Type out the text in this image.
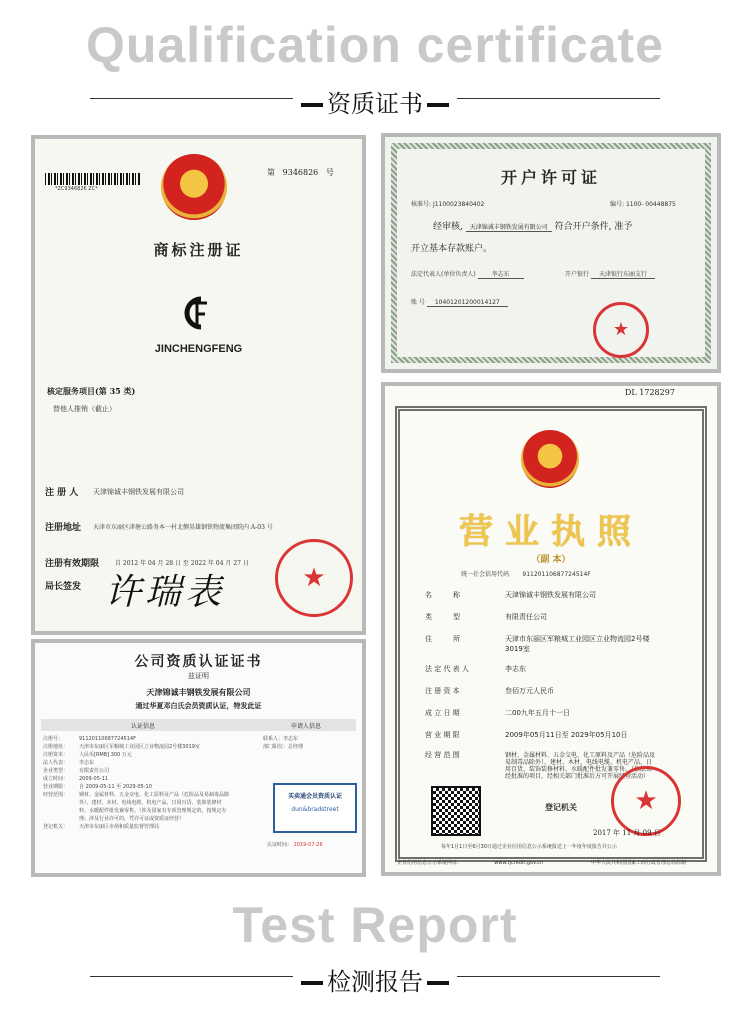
Qualification certificate
资质证书
*ZC9346826 ZC*
第 9346826 号
商标注册证
JINCHENGFENG
核定服务项目(第 35 类)
替他人推销（截止）
注 册 人 天津锦诚丰钢铁发展有限公司
注册地址 天津市东丽区津塘公路务本一村北侧昊雄钢铁物流集团院内 A-03 号
注册有效期限	自 2012 年 04 月 28 日 至 2022 年 04 月 27 日
局长签发 许瑞表	★
开户许可证
核准号: J1100023840402	编号: 1100- 00448875
经审核, 天津锦诚丰钢铁发展有限公司 符合开户条件, 准予
开立基本存款账户。
法定代表人(单位负责人)	李志东	开户银行 天津银行东丽支行
账 号 10401201200014127
★
DL 1728297
营业执照
（副 本）
统一社会信用代码 91120110687724514F
名　　　称	天津锦诚丰钢铁发展有限公司
类　　　型	有限责任公司
住　　　所	天津市东丽区军粮城工业园区立业物流园2号楼3019室
法 定 代 表 人	李志东
注 册 资 本	叁佰万元人民币
成 立 日 期	二00九年五月十一日
营 业 期 限	2009年05月11日至 2029年05月10日
经 营 范 围	钢材、金属材料、五金交电、化工原料及产品（危险品及易制毒品除外）、建材、木材、电线电缆、机电产品、日用百货、装饰装修材料、水暖配件批发兼零售。（依法须经批准的项目，经相关部门批准后方可开展经营活动）
登记机关 ★
2017 年 11 月 09 日
每年1月1日至6月30日通过企业信用信息公示系统报送上一年度年度报告并公示
企业信用信息公示系统网址:	www.tjcredit.gov.cn	中华人民共和国国家工商行政管理总局监制
公司资质认证证书
兹证明
天津锦诚丰钢铁发展有限公司
通过华夏邓白氏会员资质认证，特发此证
认证信息	申请人信息
注册号：	91120110687724514F
注册地址：	天津市东丽区军粮城工业园区立业物流园2号楼3019室
注册资本：	人民币[RMB] 300 万元
法人代表：	李志东
企业类型：	有限责任公司
成立时间：	2009-05-11
营业期限：	自 2009-05-11 至 2029-05-10
经营范围：	钢材、金属材料、五金交电、化工原料及产品（危险品及易制毒品除外）、建材、木材、电线电缆、机电产品、日用百货、装饰装修材料、水暖配件批发兼零售。（涉及国家有专项管理规定的，按规定办理；涉及行业许可的，凭许可证或资质证经营）
登记机关：	天津市东丽区市场和质量监督管理局
联系人：李志东
部门职位：总经理
买卖通会员资质认证
dun&bradstreet
认证时间： 2019-07-26
Test Report
检测报告
